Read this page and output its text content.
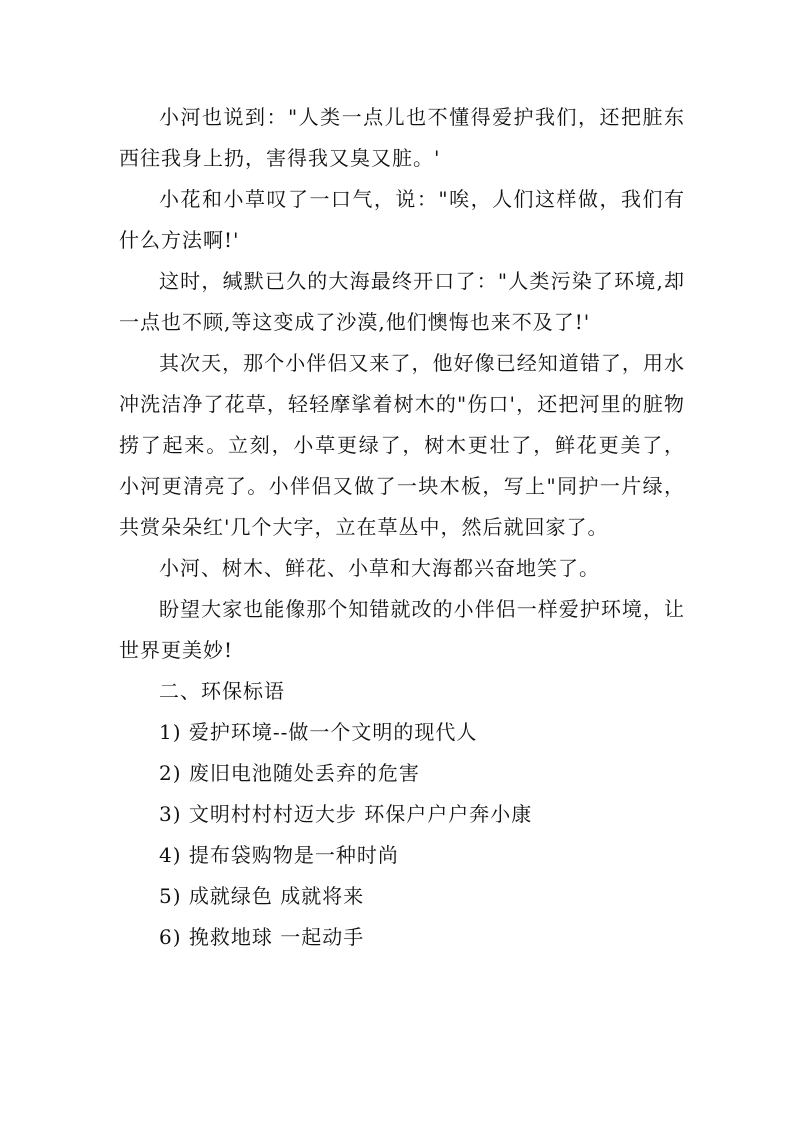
小河也说到："人类一点儿也不懂得爱护我们，还把脏东西往我身上扔，害得我又臭又脏。'

小花和小草叹了一口气，说："唉，人们这样做，我们有什么方法啊!'

这时，缄默已久的大海最终开口了："人类污染了环境,却一点也不顾,等这变成了沙漠,他们懊悔也来不及了!'

其次天，那个小伴侣又来了，他好像已经知道错了，用水冲洗洁净了花草，轻轻摩挲着树木的"伤口'，还把河里的脏物捞了起来。立刻，小草更绿了，树木更壮了，鲜花更美了，小河更清亮了。小伴侣又做了一块木板，写上"同护一片绿，共赏朵朵红'几个大字，立在草丛中，然后就回家了。

小河、树木、鲜花、小草和大海都兴奋地笑了。

盼望大家也能像那个知错就改的小伴侣一样爱护环境，让世界更美妙!

二、环保标语

1) 爱护环境--做一个文明的现代人

2) 废旧电池随处丢弃的危害

3) 文明村村村迈大步 环保户户户奔小康

4) 提布袋购物是一种时尚

5) 成就绿色 成就将来

6) 挽救地球 一起动手
